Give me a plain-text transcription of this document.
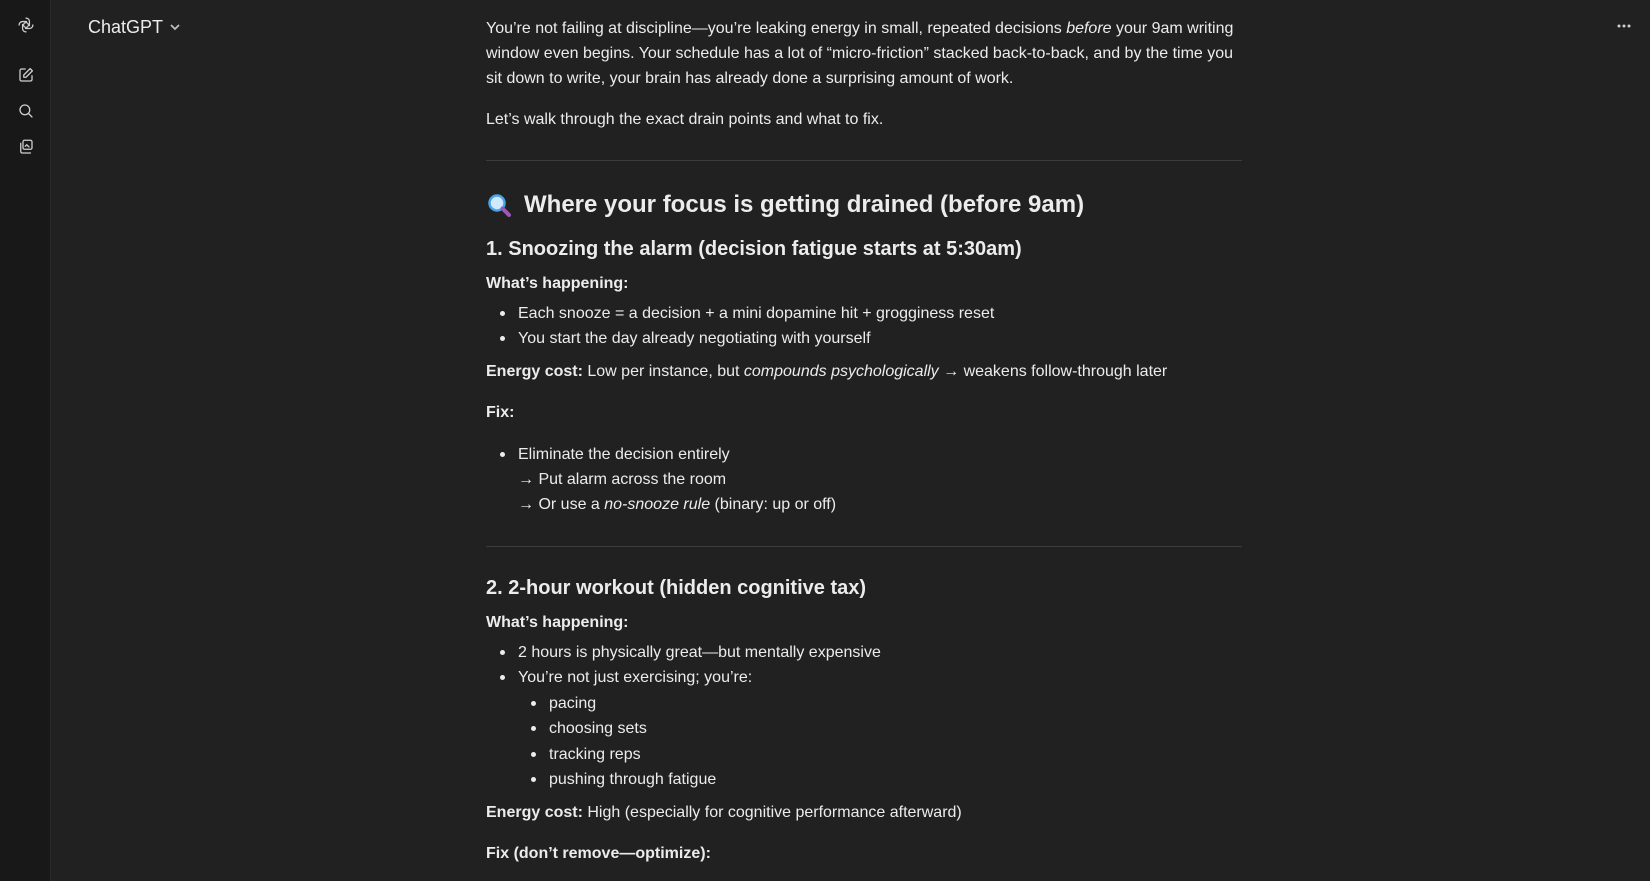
ChatGPT	You’re not failing at discipline—you’re leaking energy in small, repeated decisions before your 9am writing window even begins. Your schedule has a lot of “micro-friction” stacked back-to-back, and by the time you sit down to write, your brain has already done a surprising amount of work.

Let’s walk through the exact drain points and what to fix.

Where your focus is getting drained (before 9am)
1. Snoozing the alarm (decision fatigue starts at 5:30am)
What’s happening:
Each snooze = a decision + a mini dopamine hit + grogginess reset
You start the day already negotiating with yourself
Energy cost: Low per instance, but compounds psychologically → weakens follow-through later
Fix:
Eliminate the decision entirely
→ Put alarm across the room
→ Or use a no-snooze rule (binary: up or off)
2. 2-hour workout (hidden cognitive tax)
What’s happening:
2 hours is physically great—but mentally expensive
You’re not just exercising; you’re:
pacing
choosing sets
tracking reps
pushing through fatigue
Energy cost: High (especially for cognitive performance afterward)
Fix (don’t remove—optimize):
